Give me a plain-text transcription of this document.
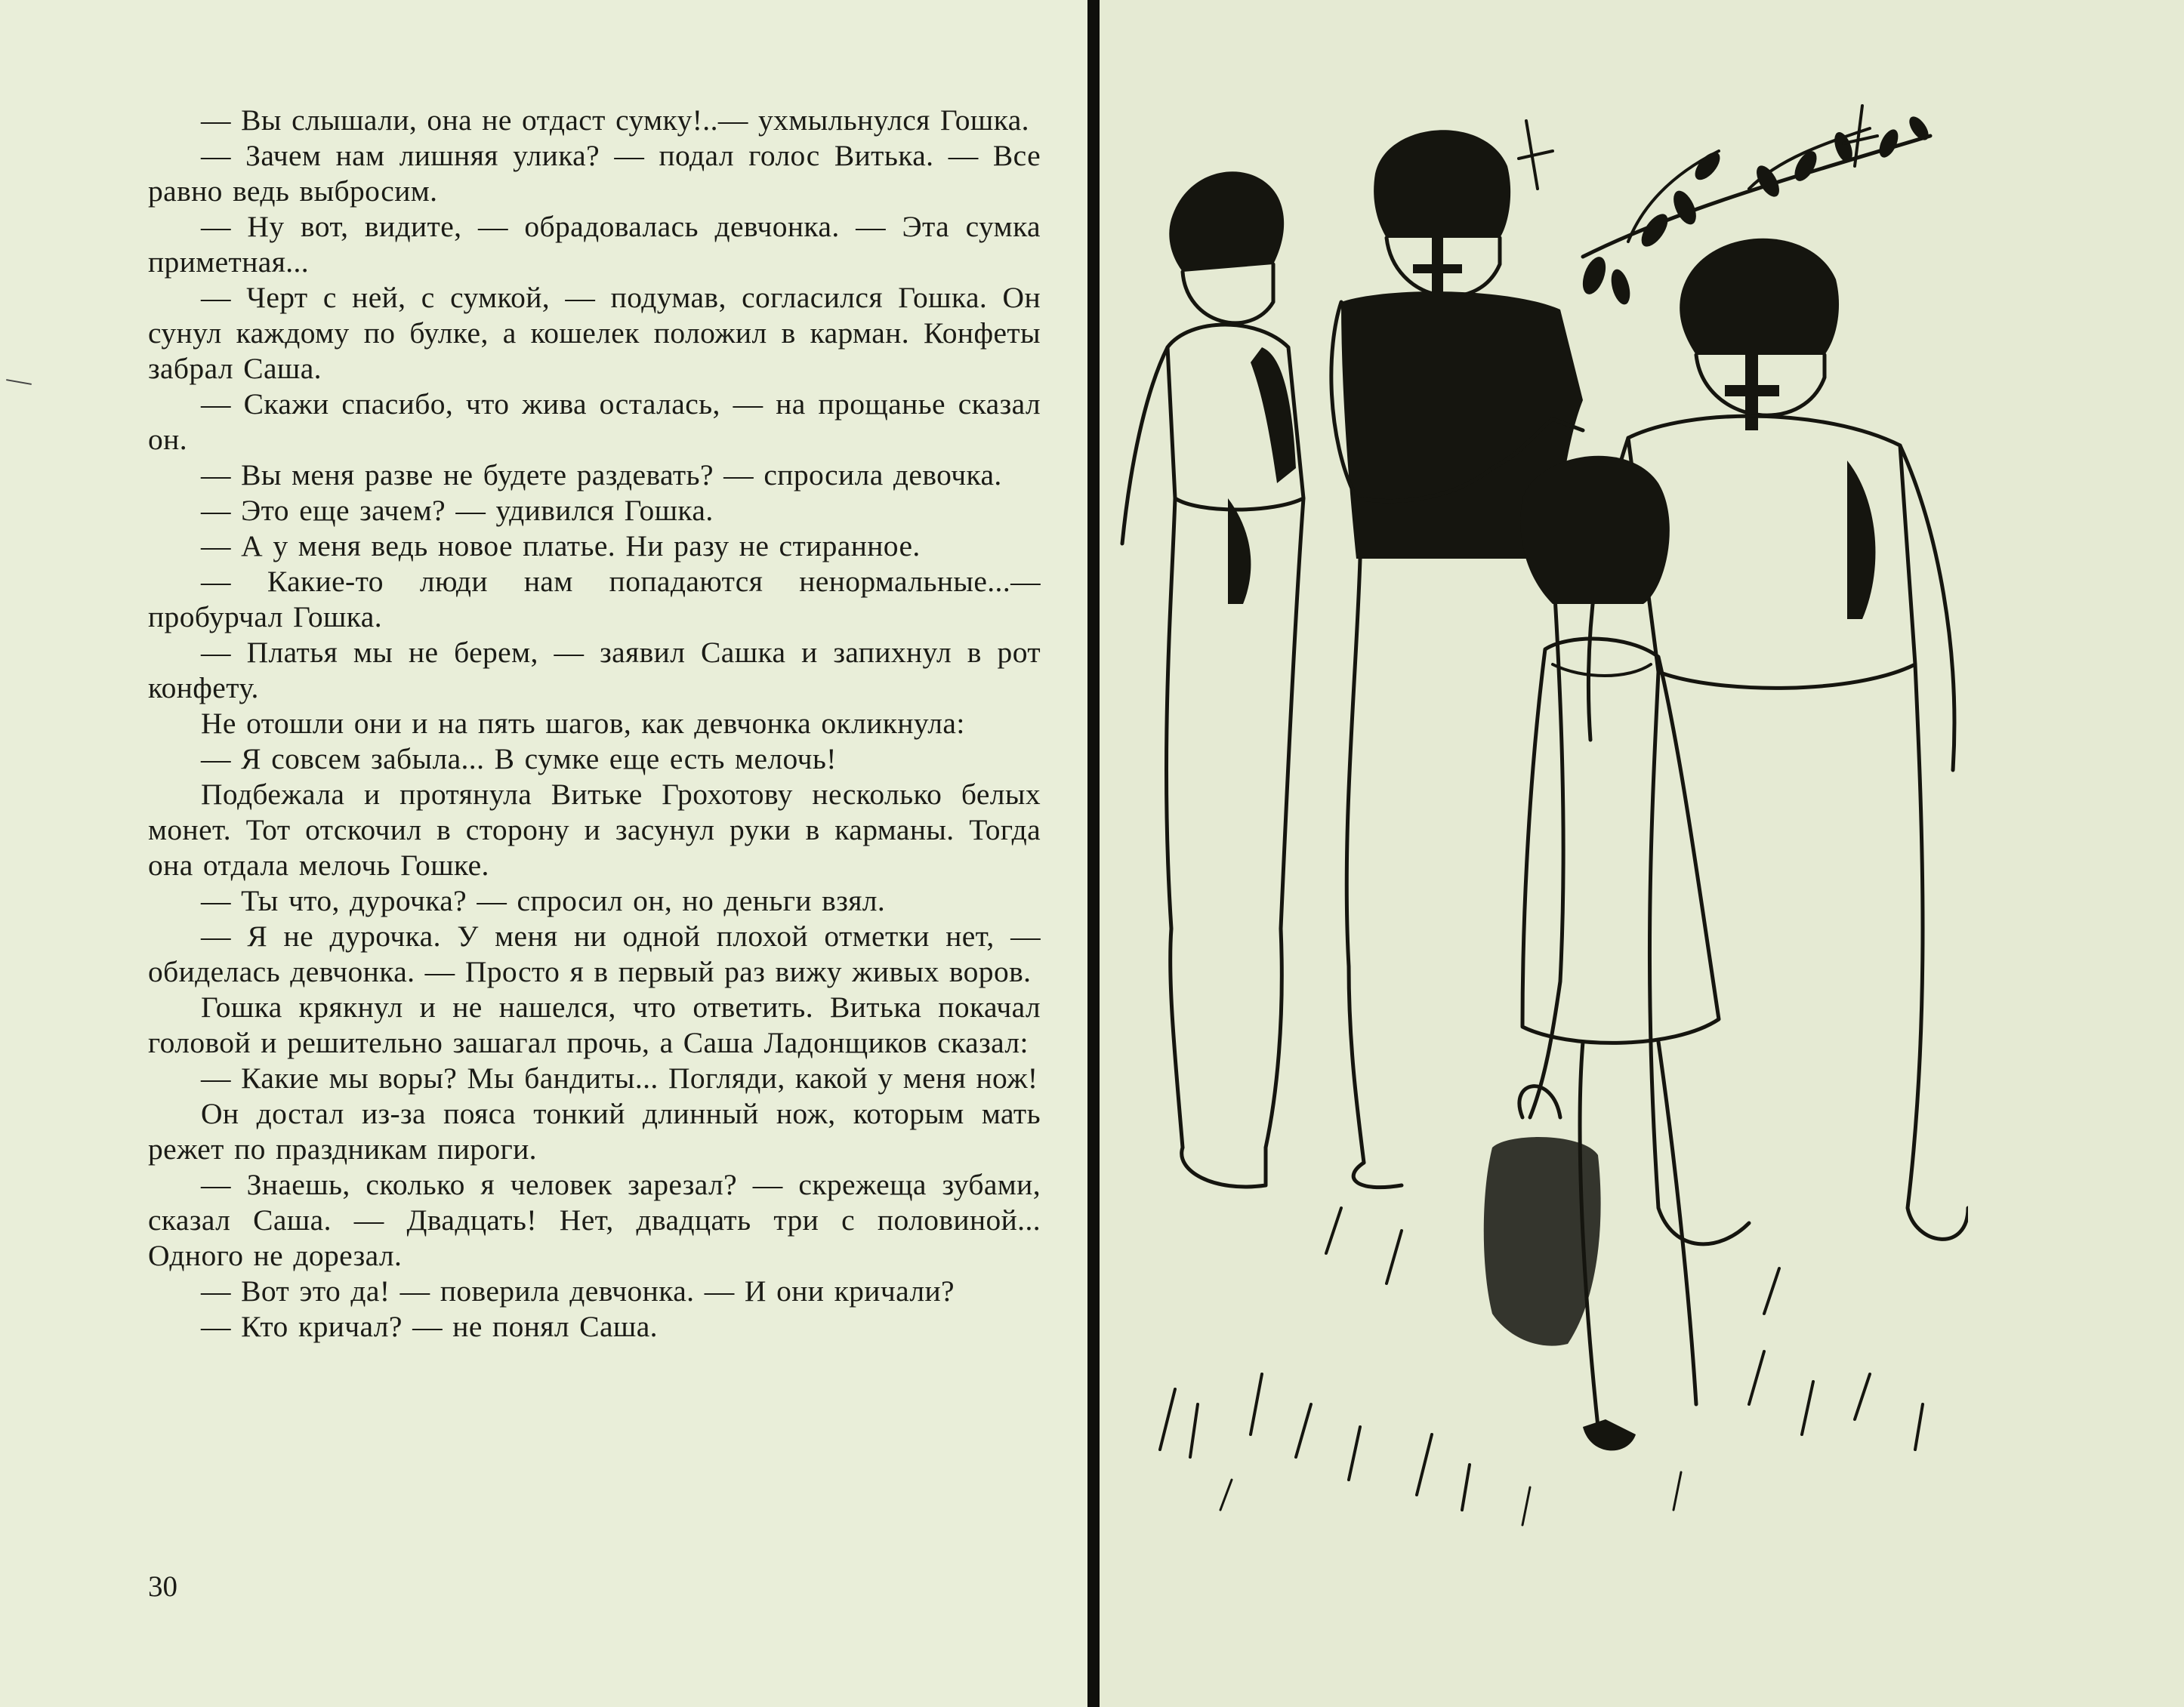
— Вы слышали, она не отдаст сумку!..— ухмыльнулся Гошка.

— Зачем нам лишняя улика? — подал голос Витька. — Все равно ведь выбросим.

— Ну вот, видите, — обрадовалась девчонка. — Эта сумка приметная...

— Черт с ней, с сумкой, — подумав, согласился Гошка. Он сунул каждому по булке, а кошелек положил в карман. Конфеты забрал Саша.

— Скажи спасибо, что жива осталась, — на прощанье сказал он.

— Вы меня разве не будете раздевать? — спросила девочка.

— Это еще зачем? — удивился Гошка.

— А у меня ведь новое платье. Ни разу не стиранное.

— Какие-то люди нам попадаются ненормальные...— пробурчал Гошка.

— Платья мы не берем, — заявил Сашка и запихнул в рот конфету.

Не отошли они и на пять шагов, как девчонка окликнула:

— Я совсем забыла... В сумке еще есть мелочь!

Подбежала и протянула Витьке Грохотову несколько белых монет. Тот отскочил в сторону и засунул руки в карманы. Тогда она отдала мелочь Гошке.

— Ты что, дурочка? — спросил он, но деньги взял.

— Я не дурочка. У меня ни одной плохой отметки нет, — обиделась девчонка. — Просто я в первый раз вижу живых воров.

Гошка крякнул и не нашелся, что ответить. Витька покачал головой и решительно зашагал прочь, а Саша Ладонщиков сказал:

— Какие мы воры? Мы бандиты... Погляди, какой у меня нож!

Он достал из-за пояса тонкий длинный нож, которым мать режет по праздникам пироги.

— Знаешь, сколько я человек зарезал? — скрежеща зубами, сказал Саша. — Двадцать! Нет, двадцать три с половиной... Одного не дорезал.

— Вот это да! — поверила девчонка. — И они кричали?

— Кто кричал? — не понял Саша.

30
